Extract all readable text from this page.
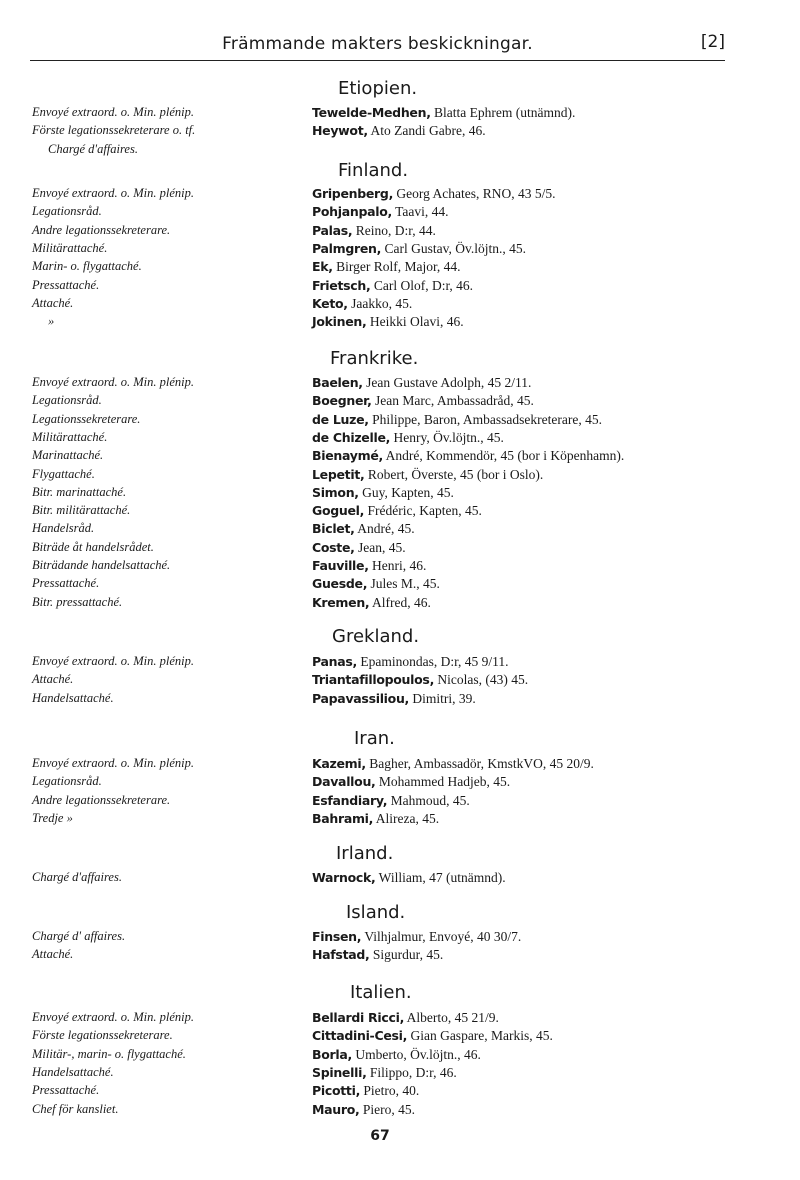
Främmande makters beskickningar.	[2]
Etiopien.
Envoyé extraord. o. Min. plénip.	Tewelde-Medhen, Blatta Ephrem (utnämnd).
Förste legationssekreterare o. tf.	Heywot, Ato Zandi Gabre, 46.
Chargé d'affaires.
Finland.
Envoyé extraord. o. Min. plénip.	Gripenberg, Georg Achates, RNO, 43 5/5.
Legationsråd.	Pohjanpalo, Taavi, 44.
Andre legationssekreterare.	Palas, Reino, D:r, 44.
Militärattaché.	Palmgren, Carl Gustav, Öv.löjtn., 45.
Marin- o. flygattaché.	Ek, Birger Rolf, Major, 44.
Pressattaché.	Frietsch, Carl Olof, D:r, 46.
Attaché.	Keto, Jaakko, 45.
»	Jokinen, Heikki Olavi, 46.
Frankrike.
Envoyé extraord. o. Min. plénip.	Baelen, Jean Gustave Adolph, 45 2/11.
Legationsråd.	Boegner, Jean Marc, Ambassadråd, 45.
Legationssekreterare.	de Luze, Philippe, Baron, Ambassadsekreterare, 45.
Militärattaché.	de Chizelle, Henry, Öv.löjtn., 45.
Marinattaché.	Bienaymé, André, Kommendör, 45 (bor i Köpenhamn).
Flygattaché.	Lepetit, Robert, Överste, 45 (bor i Oslo).
Bitr. marinattaché.	Simon, Guy, Kapten, 45.
Bitr. militärattaché.	Goguel, Frédéric, Kapten, 45.
Handelsråd.	Biclet, André, 45.
Biträde åt handelsrådet.	Coste, Jean, 45.
Biträdande handelsattaché.	Fauville, Henri, 46.
Pressattaché.	Guesde, Jules M., 45.
Bitr. pressattaché.	Kremen, Alfred, 46.
Grekland.
Envoyé extraord. o. Min. plénip.	Panas, Epaminondas, D:r, 45 9/11.
Attaché.	Triantafillopoulos, Nicolas, (43) 45.
Handelsattaché.	Papavassiliou, Dimitri, 39.
Iran.
Envoyé extraord. o. Min. plénip.	Kazemi, Bagher, Ambassadör, KmstkVO, 45 20/9.
Legationsråd.	Davallou, Mohammed Hadjeb, 45.
Andre legationssekreterare.	Esfandiary, Mahmoud, 45.
Tredje »	Bahrami, Alireza, 45.
Irland.
Chargé d'affaires.	Warnock, William, 47 (utnämnd).
Island.
Chargé d' affaires.	Finsen, Vilhjalmur, Envoyé, 40 30/7.
Attaché.	Hafstad, Sigurdur, 45.
Italien.
Envoyé extraord. o. Min. plénip.	Bellardi Ricci, Alberto, 45 21/9.
Förste legationssekreterare.	Cittadini-Cesi, Gian Gaspare, Markis, 45.
Militär-, marin- o. flygattaché.	Borla, Umberto, Öv.löjtn., 46.
Handelsattaché.	Spinelli, Filippo, D:r, 46.
Pressattaché.	Picotti, Pietro, 40.
Chef för kansliet.	Mauro, Piero, 45.
67
